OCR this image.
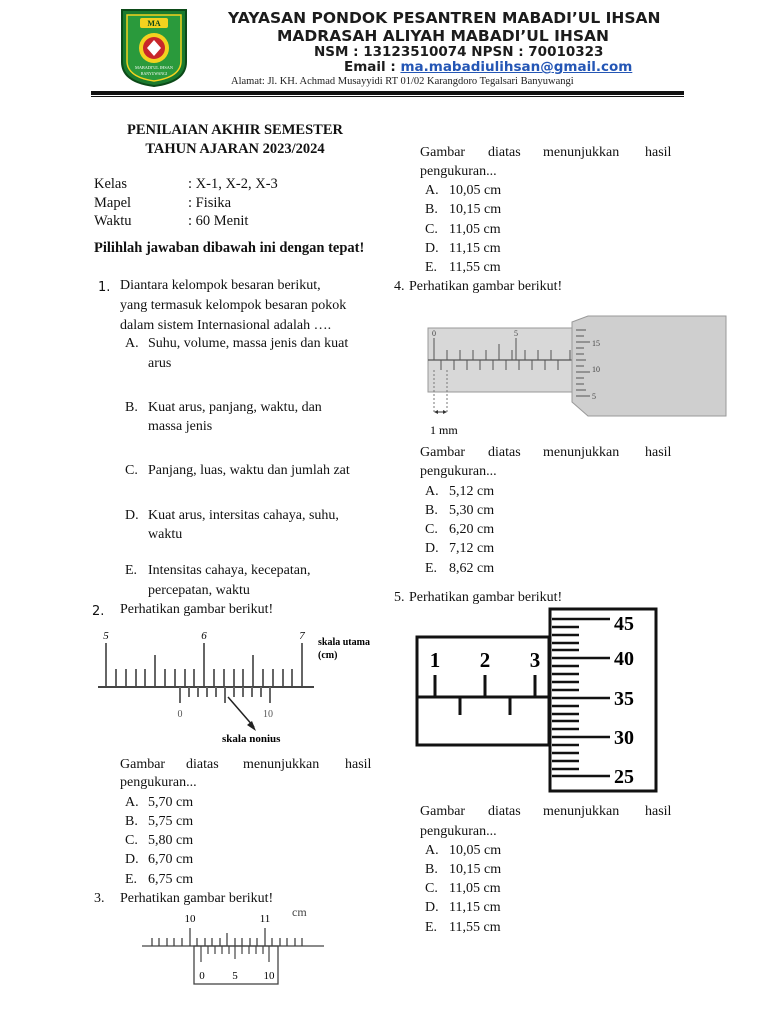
MA
MABADI'UL IHSAN
BANYUWANGI
YAYASAN PONDOK PESANTREN MABADI’UL IHSAN
MADRASAH ALIYAH MABADI’UL IHSAN
NSM : 13123510074 NPSN : 70010323
Email : ma.mabadiulihsan@gmail.com
Alamat: Jl. KH. Achmad Musayyidi RT 01/02 Karangdoro Tegalsari Banyuwangi
PENILAIAN AKHIR SEMESTER
TAHUN AJARAN 2023/2024
Kelas	: X-1, X-2, X-3
Mapel	: Fisika
Waktu	: 60 Menit
Pilihlah jawaban dibawah ini dengan tepat!
1. Diantara kelompok besaran berikut,
yang termasuk kelompok besaran pokok
dalam sistem Internasional adalah ….
A. Suhu, volume, massa jenis dan kuat
arus
B. Kuat arus, panjang, waktu, dan
massa jenis
C. Panjang, luas, waktu dan jumlah zat
D. Kuat arus, intersitas cahaya, suhu,
waktu
E. Intensitas cahaya, kecepatan,
percepatan, waktu
2. Perhatikan gambar berikut!
5	6	7
skala utama
(cm)
0	10
skala nonius
Gambar diatas menunjukkan hasil
pengukuran...
A. 5,70 cm
B. 5,75 cm
C. 5,80 cm
D. 6,70 cm
E. 6,75 cm
3. Perhatikan gambar berikut!
10	11 cm
0	5 10
Gambar diatas menunjukkan hasil
pengukuran...
A. 10,05 cm
B. 10,15 cm
C. 11,05 cm
D. 11,15 cm
E. 11,55 cm
4. Perhatikan gambar berikut!
0	5
15
10
5
1 mm
Gambar diatas menunjukkan hasil
pengukuran...
A. 5,12 cm
B. 5,30 cm
C. 6,20 cm
D. 7,12 cm
E. 8,62 cm
5. Perhatikan gambar berikut!
1 2 3
45
40
35
30
25
Gambar diatas menunjukkan hasil
pengukuran...
A. 10,05 cm
B. 10,15 cm
C. 11,05 cm
D. 11,15 cm
E. 11,55 cm
